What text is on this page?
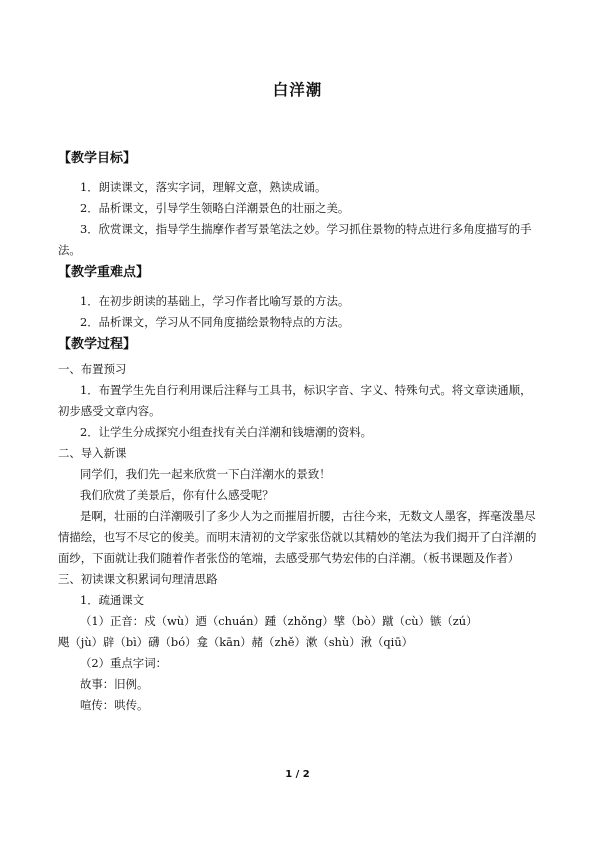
白洋潮

【教学目标】

1．朗读课文，落实字词，理解文意，熟读成诵。

2．品析课文，引导学生领略白洋潮景色的壮丽之美。

3．欣赏课文，指导学生揣摩作者写景笔法之妙。学习抓住景物的特点进行多角度描写的手法。

【教学重难点】

1．在初步朗读的基础上，学习作者比喻写景的方法。

2．品析课文，学习从不同角度描绘景物特点的方法。

【教学过程】

一、布置预习

1．布置学生先自行利用课后注释与工具书，标识字音、字义、特殊句式。将文章读通顺，初步感受文章内容。

2．让学生分成探究小组查找有关白洋潮和钱塘潮的资料。

二、导入新课

同学们，我们先一起来欣赏一下白洋潮水的景致！

我们欣赏了美景后，你有什么感受呢？

是啊，壮丽的白洋潮吸引了多少人为之而摧眉折腰，古往今来，无数文人墨客，挥毫泼墨尽情描绘，也写不尽它的俊美。而明末清初的文学家张岱就以其精妙的笔法为我们揭开了白洋潮的面纱，下面就让我们随着作者张岱的笔端，去感受那气势宏伟的白洋潮。（板书课题及作者）

三、初读课文积累词句理清思路

1．疏通课文

（1）正音：戍（wù）迺（chuán）踵（zhǒng）擘（bò）蹴（cù）镞（zú）

飓（jù）辟（bì）礴（bó）龛（kān）赭（zhě）漱（shù）湫（qiū）

（2）重点字词：

故事：旧例。

喧传：哄传。

1 / 2
